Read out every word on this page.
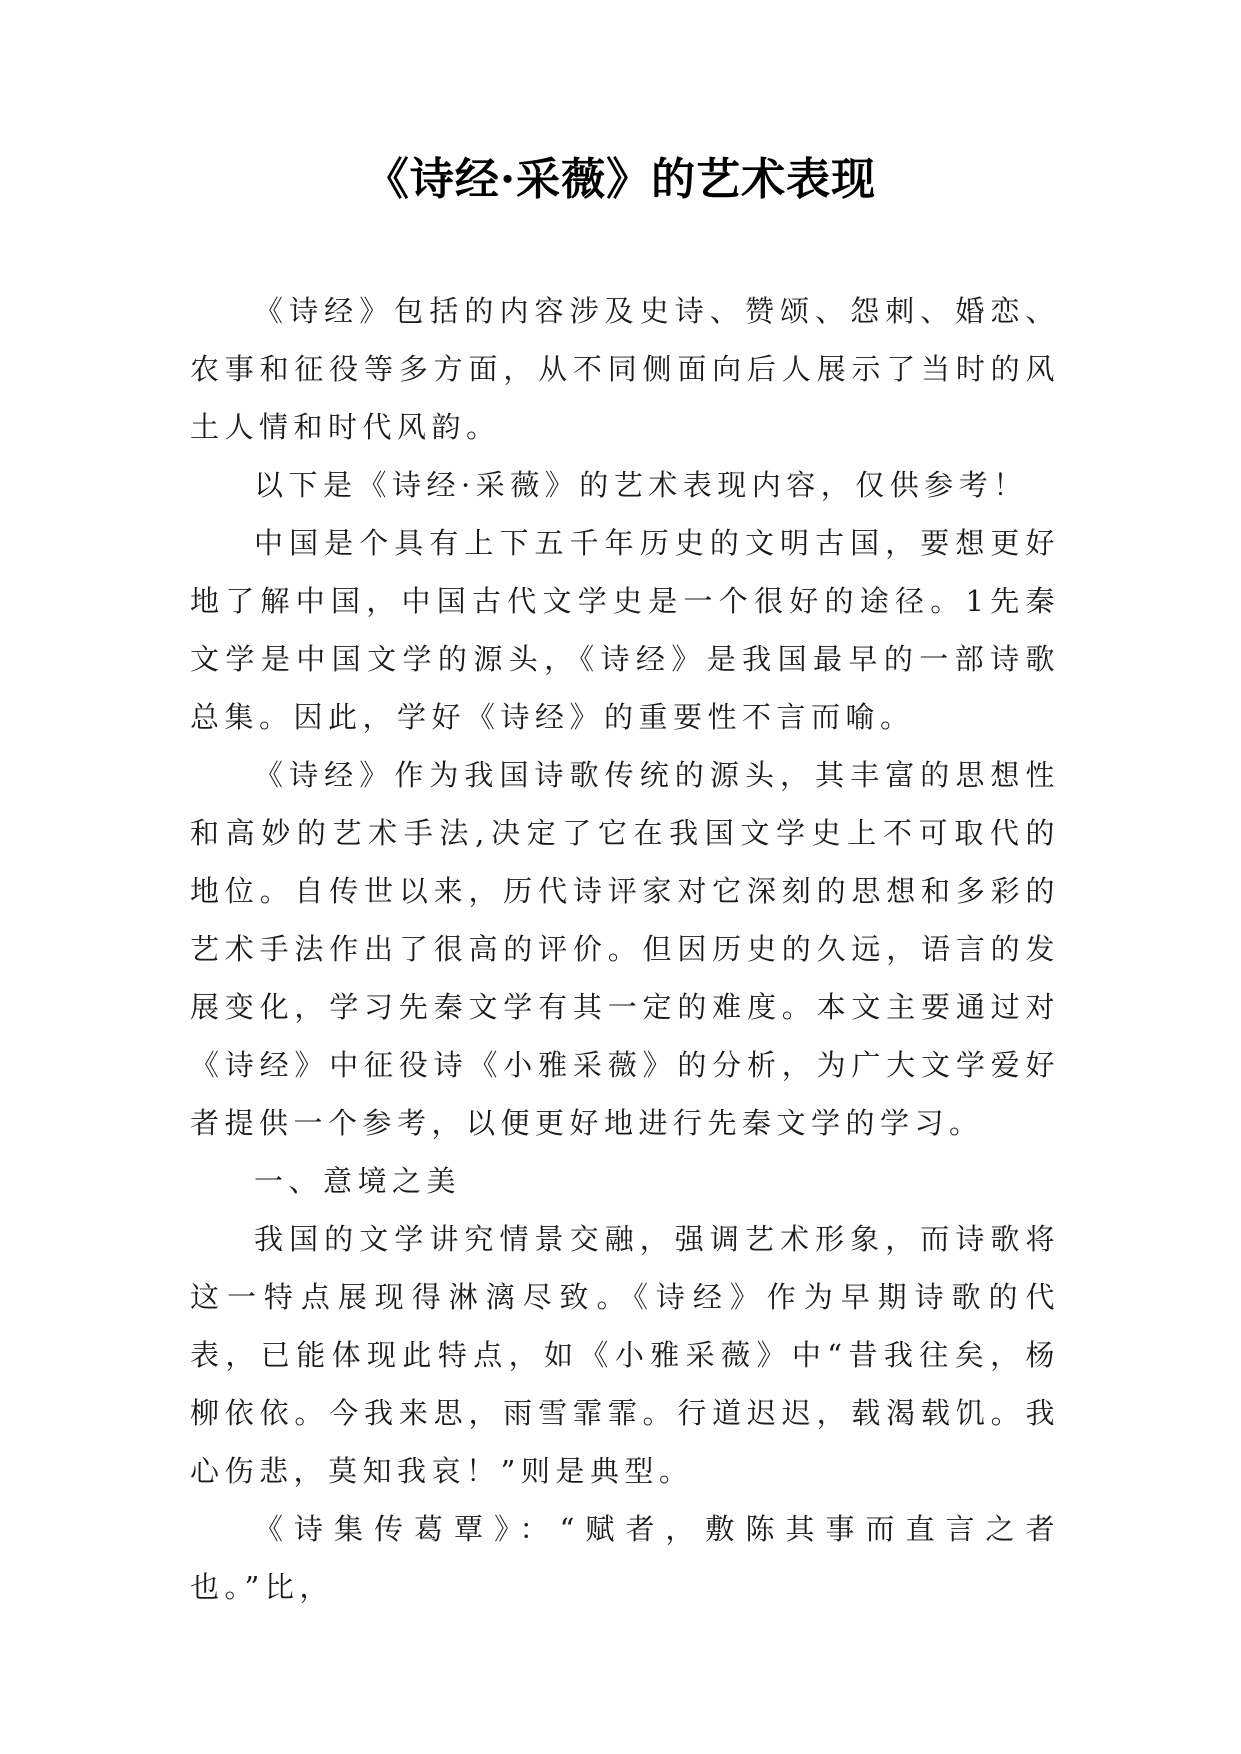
《诗经·采薇》的艺术表现

《诗经》包括的内容涉及史诗、赞颂、怨刺、婚恋、农事和征役等多方面，从不同侧面向后人展示了当时的风土人情和时代风韵。

以下是《诗经·采薇》的艺术表现内容，仅供参考！

中国是个具有上下五千年历史的文明古国，要想更好地了解中国，中国古代文学史是一个很好的途径。1先秦文学是中国文学的源头，《诗经》是我国最早的一部诗歌总集。因此，学好《诗经》的重要性不言而喻。

《诗经》作为我国诗歌传统的源头，其丰富的思想性和高妙的艺术手法,决定了它在我国文学史上不可取代的地位。自传世以来，历代诗评家对它深刻的思想和多彩的艺术手法作出了很高的评价。但因历史的久远，语言的发展变化，学习先秦文学有其一定的难度。本文主要通过对《诗经》中征役诗《小雅采薇》的分析，为广大文学爱好者提供一个参考，以便更好地进行先秦文学的学习。

一、意境之美

我国的文学讲究情景交融，强调艺术形象，而诗歌将这一特点展现得淋漓尽致。《诗经》作为早期诗歌的代表，已能体现此特点，如《小雅采薇》中“昔我往矣，杨柳依依。今我来思，雨雪霏霏。行道迟迟，载渴载饥。我心伤悲，莫知我哀！”则是典型。

《诗集传葛覃》：“赋者，敷陈其事而直言之者也。”比，
